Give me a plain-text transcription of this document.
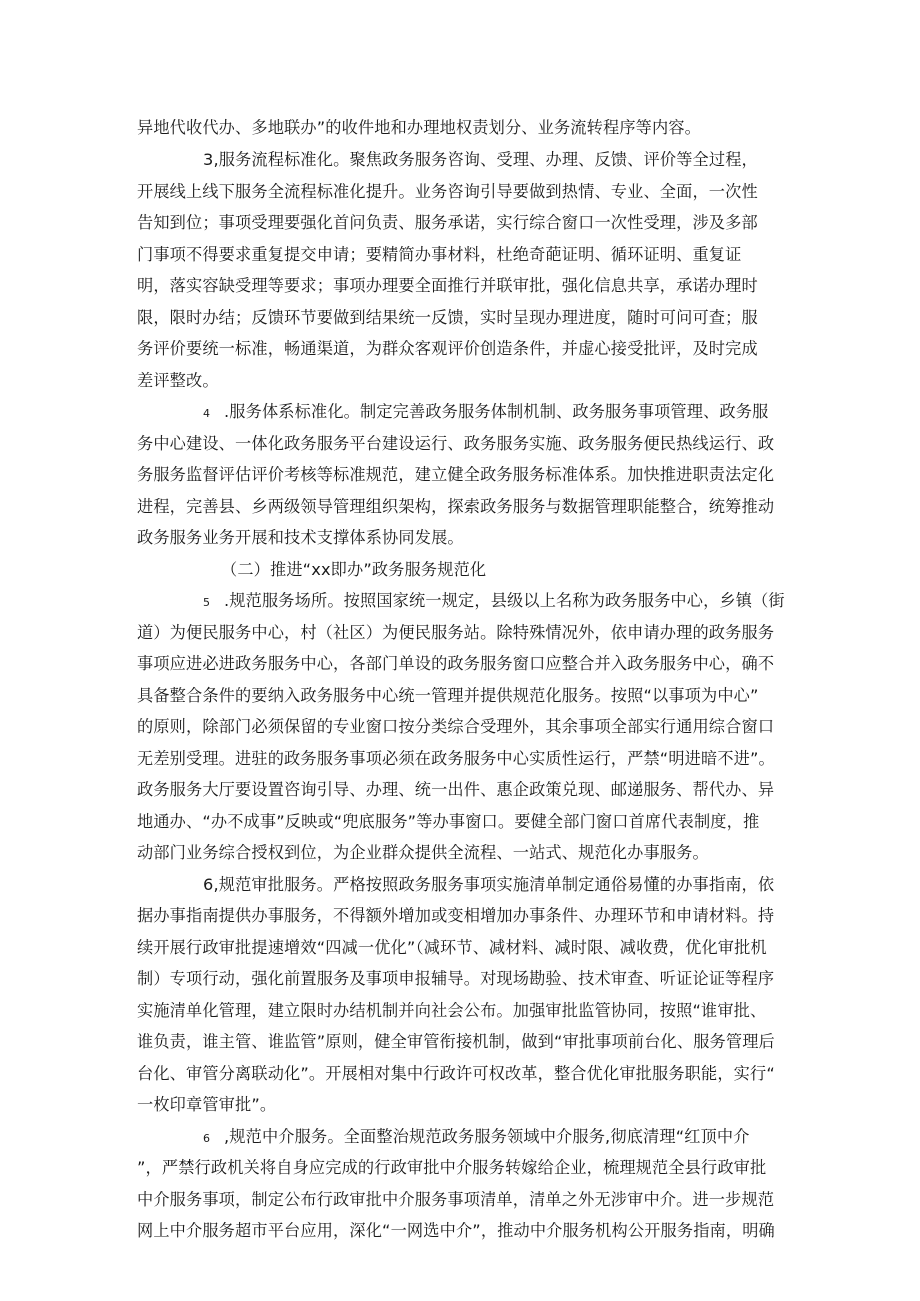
异地代收代办、多地联办”的收件地和办理地权责划分、业务流转程序等内容。
3,服务流程标准化。聚焦政务服务咨询、受理、办理、反馈、评价等全过程，
开展线上线下服务全流程标准化提升。业务咨询引导要做到热情、专业、全面，一次性
告知到位；事项受理要强化首问负责、服务承诺，实行综合窗口一次性受理，涉及多部
门事项不得要求重复提交申请；要精简办事材料，杜绝奇葩证明、循环证明、重复证
明，落实容缺受理等要求；事项办理要全面推行并联审批，强化信息共享，承诺办理时
限，限时办结；反馈环节要做到结果统一反馈，实时呈现办理进度，随时可问可查；服
务评价要统一标准，畅通渠道，为群众客观评价创造条件，并虚心接受批评，及时完成
差评整改。
4 .服务体系标准化。制定完善政务服务体制机制、政务服务事项管理、政务服
务中心建设、一体化政务服务平台建设运行、政务服务实施、政务服务便民热线运行、政
务服务监督评估评价考核等标准规范，建立健全政务服务标准体系。加快推进职责法定化
进程，完善县、乡两级领导管理组织架构，探索政务服务与数据管理职能整合，统筹推动
政务服务业务开展和技术支撑体系协同发展。
（二）推进“xx即办”政务服务规范化
5 .规范服务场所。按照国家统一规定，县级以上名称为政务服务中心，乡镇（街
道）为便民服务中心，村（社区）为便民服务站。除特殊情况外，依申请办理的政务服务
事项应进必进政务服务中心，各部门单设的政务服务窗口应整合并入政务服务中心，确不
具备整合条件的要纳入政务服务中心统一管理并提供规范化服务。按照“以事项为中心”
的原则，除部门必须保留的专业窗口按分类综合受理外，其余事项全部实行通用综合窗口
无差别受理。进驻的政务服务事项必须在政务服务中心实质性运行，严禁“明进暗不进”。
政务服务大厅要设置咨询引导、办理、统一出件、惠企政策兑现、邮递服务、帮代办、异
地通办、“办不成事”反映或“兜底服务”等办事窗口。要健全部门窗口首席代表制度，推
动部门业务综合授权到位，为企业群众提供全流程、一站式、规范化办事服务。
6,规范审批服务。严格按照政务服务事项实施清单制定通俗易懂的办事指南，依
据办事指南提供办事服务，不得额外增加或变相增加办事条件、办理环节和申请材料。持
续开展行政审批提速增效“四减一优化”（减环节、减材料、减时限、减收费，优化审批机
制）专项行动，强化前置服务及事项申报辅导。对现场勘验、技术审查、听证论证等程序
实施清单化管理，建立限时办结机制并向社会公布。加强审批监管协同，按照“谁审批、
谁负责，谁主管、谁监管”原则，健全审管衔接机制，做到“审批事项前台化、服务管理后
台化、审管分离联动化”。开展相对集中行政许可权改革，整合优化审批服务职能，实行“
一枚印章管审批”。
6 ,规范中介服务。全面整治规范政务服务领域中介服务,彻底清理“红顶中介
”，严禁行政机关将自身应完成的行政审批中介服务转嫁给企业，梳理规范全县行政审批
中介服务事项，制定公布行政审批中介服务事项清单，清单之外无涉审中介。进一步规范
网上中介服务超市平台应用，深化“一网选中介”，推动中介服务机构公开服务指南，明确
